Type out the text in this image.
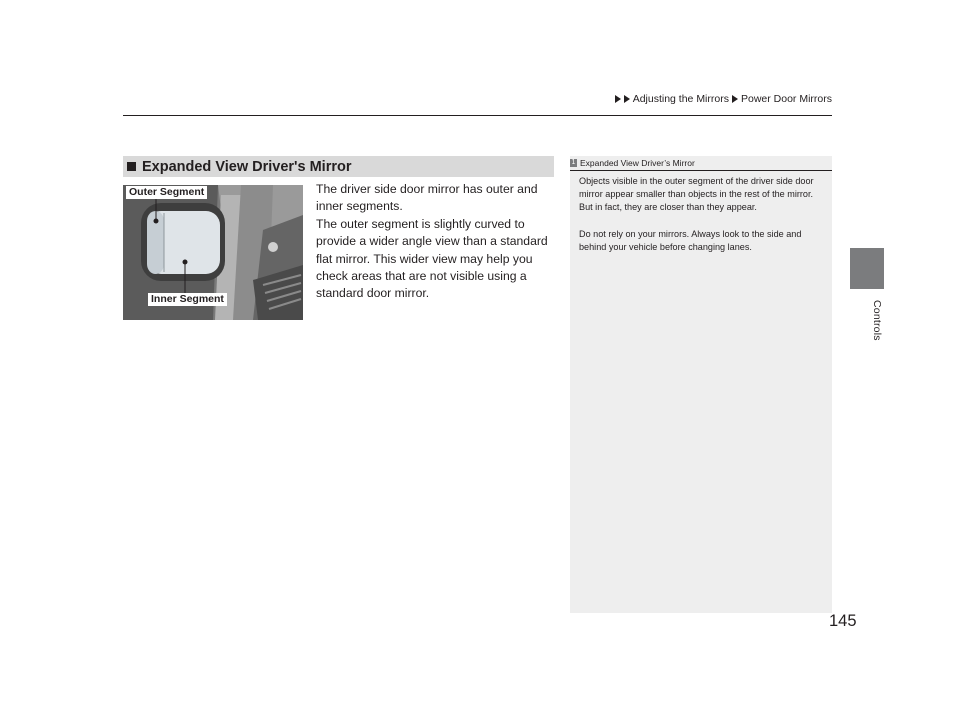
Adjusting the Mirrors Power Door Mirrors
Controls
Expanded View Driver's Mirror
Outer Segment
Inner Segment

The driver side door mirror has outer and inner segments.

The outer segment is slightly curved to provide a wider angle view than a standard flat mirror. This wider view may help you check areas that are not visible using a standard door mirror.

1 Expanded View Driver’s Mirror

Objects visible in the outer segment of the driver side door mirror appear smaller than objects in the rest of the mirror. But in fact, they are closer than they appear.

Do not rely on your mirrors. Always look to the side and behind your vehicle before changing lanes.

145
